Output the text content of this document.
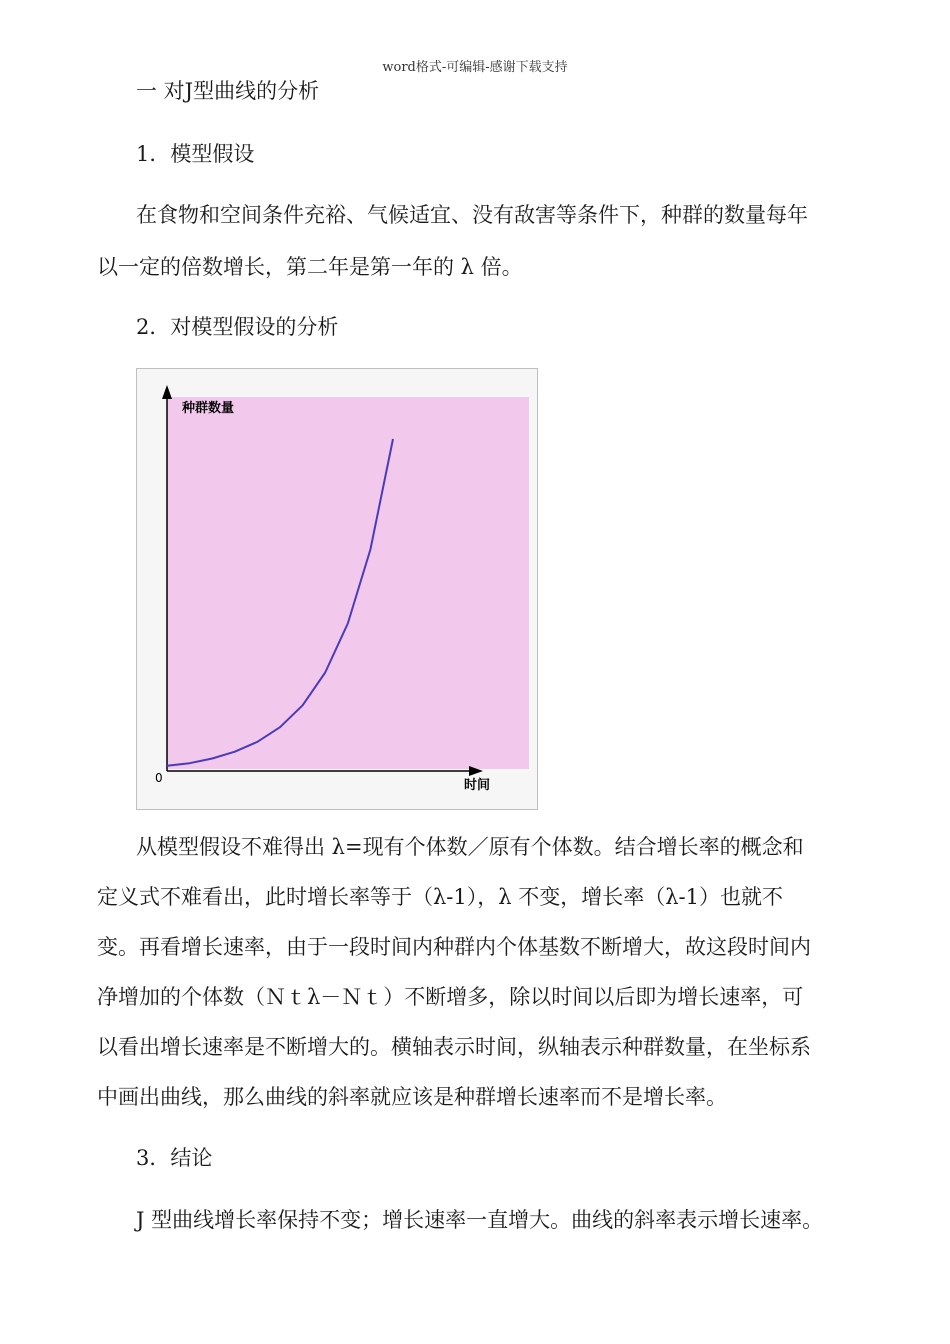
word格式-可编辑-感谢下载支持
一 对J型曲线的分析
1．模型假设
在食物和空间条件充裕、气候适宜、没有敌害等条件下，种群的数量每年
以一定的倍数增长，第二年是第一年的 λ 倍。
2．对模型假设的分析
种群数量
时间
0
从模型假设不难得出 λ=现有个体数／原有个体数。结合增长率的概念和
定义式不难看出，此时增长率等于（λ-1），λ 不变，增长率（λ-1）也就不
变。再看增长速率，由于一段时间内种群内个体基数不断增大，故这段时间内
净增加的个体数（Ｎｔλ－Ｎｔ）不断增多，除以时间以后即为增长速率，可
以看出增长速率是不断增大的。横轴表示时间，纵轴表示种群数量，在坐标系
中画出曲线，那么曲线的斜率就应该是种群增长速率而不是增长率。
3．结论
J 型曲线增长率保持不变；增长速率一直增大。曲线的斜率表示增长速率。
